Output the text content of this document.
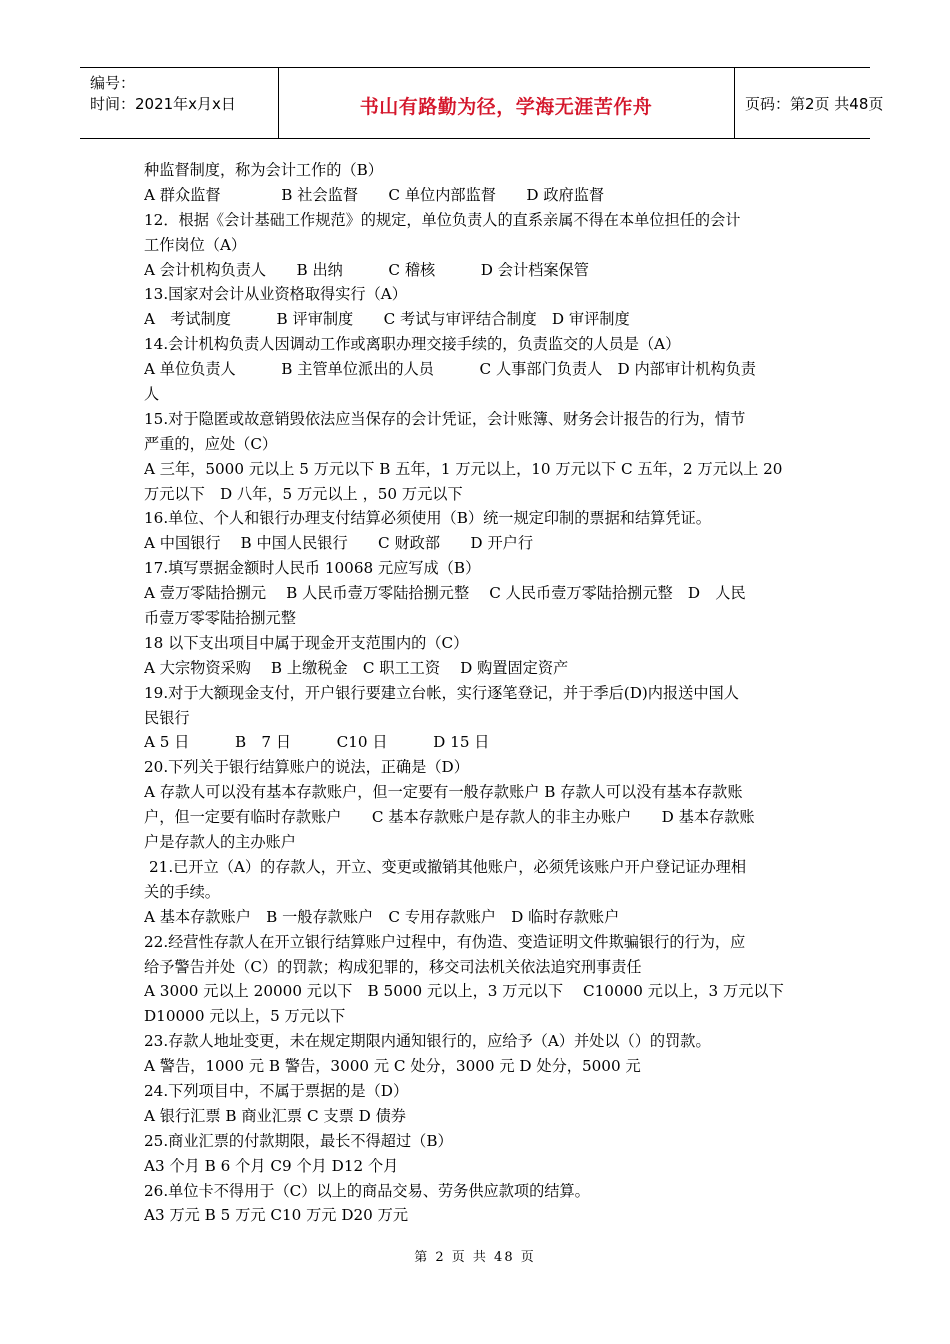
编号：
时间：2021年x月x日	书山有路勤为径，学海无涯苦作舟	页码：第2页 共48页
种监督制度，称为会计工作的（B）
A 群众监督　　　　B 社会监督　　C 单位内部监督　　D 政府监督
12．根据《会计基础工作规范》的规定，单位负责人的直系亲属不得在本单位担任的会计
工作岗位（A）
A 会计机构负责人　　B 出纳　　　C 稽核　　　D 会计档案保管
13.国家对会计从业资格取得实行（A）
A　考试制度　　　B 评审制度　　C 考试与审评结合制度　D 审评制度
14.会计机构负责人因调动工作或离职办理交接手续的，负责监交的人员是（A）
A 单位负责人　　　B 主管单位派出的人员　　　C 人事部门负责人　D 内部审计机构负责
人
15.对于隐匿或故意销毁依法应当保存的会计凭证，会计账簿、财务会计报告的行为，情节
严重的，应处（C）
A 三年，5000 元以上 5 万元以下 B 五年，1 万元以上，10 万元以下 C 五年，2 万元以上 20
万元以下　D 八年，5 万元以上 ，50 万元以下
16.单位、个人和银行办理支付结算必须使用（B）统一规定印制的票据和结算凭证。
A 中国银行　 B 中国人民银行　　C 财政部　　D 开户行
17.填写票据金额时人民币 10068 元应写成（B）
A 壹万零陆拾捌元　 B 人民币壹万零陆拾捌元整　 C 人民币壹万零陆拾捌元整　D　人民
币壹万零零陆拾捌元整
18 以下支出项目中属于现金开支范围内的（C）
A 大宗物资采购　 B 上缴税金　C 职工工资　 D 购置固定资产
19.对于大额现金支付，开户银行要建立台帐，实行逐笔登记，并于季后(D)内报送中国人
民银行
A 5 日　　　B　7 日　　　C10 日　　　D 15 日
20.下列关于银行结算账户的说法，正确是（D）
A 存款人可以没有基本存款账户，但一定要有一般存款账户 B 存款人可以没有基本存款账
户，但一定要有临时存款账户　　C 基本存款账户是存款人的非主办账户　　D 基本存款账
户是存款人的主办账户
21.已开立（A）的存款人，开立、变更或撤销其他账户，必须凭该账户开户登记证办理相
关的手续。
A 基本存款账户　B 一般存款账户　C 专用存款账户　D 临时存款账户
22.经营性存款人在开立银行结算账户过程中，有伪造、变造证明文件欺骗银行的行为，应
给予警告并处（C）的罚款；构成犯罪的，移交司法机关依法追究刑事责任
A 3000 元以上 20000 元以下　B 5000 元以上，3 万元以下　 C10000 元以上，3 万元以下
D10000 元以上，5 万元以下
23.存款人地址变更，未在规定期限内通知银行的，应给予（A）并处以（）的罚款。
A 警告，1000 元 B 警告，3000 元 C 处分，3000 元 D 处分，5000 元
24.下列项目中，不属于票据的是（D）
A 银行汇票 B 商业汇票 C 支票 D 债券
25.商业汇票的付款期限，最长不得超过（B）
A3 个月 B 6 个月 C9 个月 D12 个月
26.单位卡不得用于（C）以上的商品交易、劳务供应款项的结算。
A3 万元 B 5 万元 C10 万元 D20 万元
第 2 页 共 48 页
